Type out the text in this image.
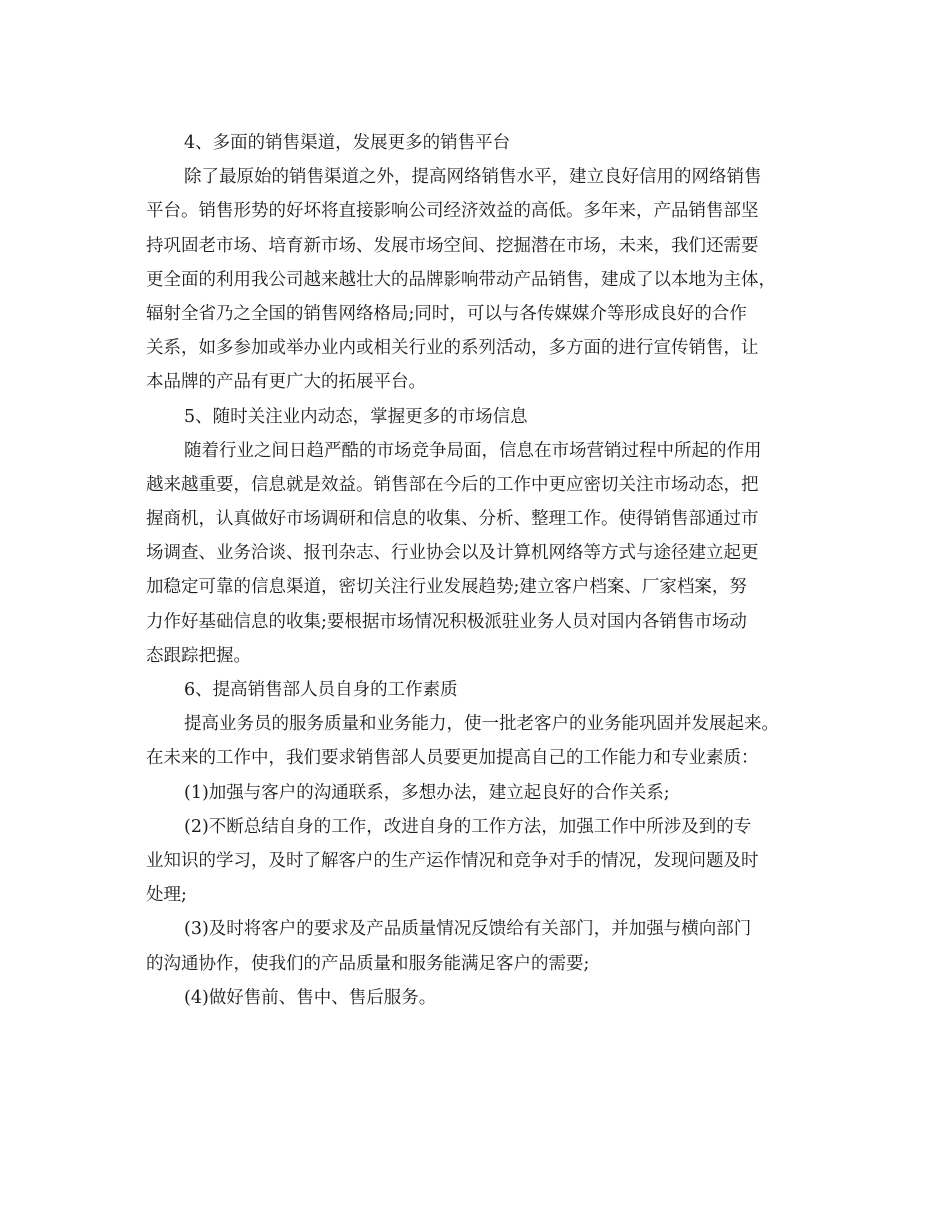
4、多面的销售渠道，发展更多的销售平台
除了最原始的销售渠道之外，提高网络销售水平，建立良好信用的网络销售
平台。销售形势的好坏将直接影响公司经济效益的高低。多年来，产品销售部坚
持巩固老市场、培育新市场、发展市场空间、挖掘潜在市场，未来，我们还需要
更全面的利用我公司越来越壮大的品牌影响带动产品销售，建成了以本地为主体，
辐射全省乃之全国的销售网络格局;同时，可以与各传媒媒介等形成良好的合作
关系，如多参加或举办业内或相关行业的系列活动，多方面的进行宣传销售，让
本品牌的产品有更广大的拓展平台。
5、随时关注业内动态，掌握更多的市场信息
随着行业之间日趋严酷的市场竞争局面，信息在市场营销过程中所起的作用
越来越重要，信息就是效益。销售部在今后的工作中更应密切关注市场动态，把
握商机，认真做好市场调研和信息的收集、分析、整理工作。使得销售部通过市
场调查、业务洽谈、报刊杂志、行业协会以及计算机网络等方式与途径建立起更
加稳定可靠的信息渠道，密切关注行业发展趋势;建立客户档案、厂家档案，努
力作好基础信息的收集;要根据市场情况积极派驻业务人员对国内各销售市场动
态跟踪把握。
6、提高销售部人员自身的工作素质
提高业务员的服务质量和业务能力，使一批老客户的业务能巩固并发展起来。
在未来的工作中，我们要求销售部人员要更加提高自己的工作能力和专业素质：
(1)加强与客户的沟通联系，多想办法，建立起良好的合作关系;
(2)不断总结自身的工作，改进自身的工作方法，加强工作中所涉及到的专
业知识的学习，及时了解客户的生产运作情况和竞争对手的情况，发现问题及时
处理;
(3)及时将客户的要求及产品质量情况反馈给有关部门，并加强与横向部门
的沟通协作，使我们的产品质量和服务能满足客户的需要;
(4)做好售前、售中、售后服务。
